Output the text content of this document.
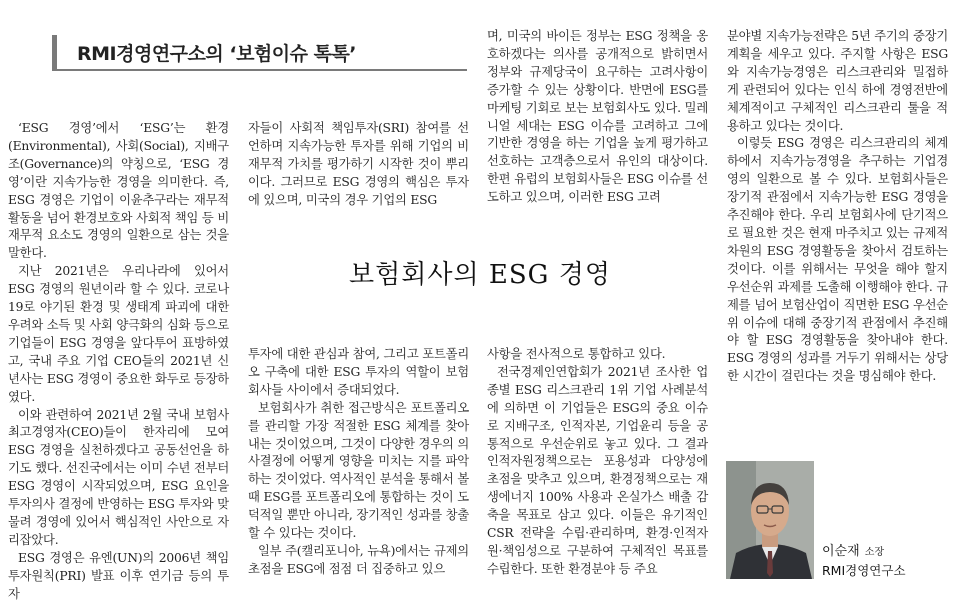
RMI경영연구소의 ‘보험이슈 톡톡’

‘ESG 경영’에서 ‘ESG’는 환경(Environmental), 사회(Social), 지배구조(Governance)의 약칭으로, ‘ESG 경영’이란 지속가능한 경영을 의미한다. 즉, ESG 경영은 기업이 이윤추구라는 재무적 활동을 넘어 환경보호와 사회적 책임 등 비재무적 요소도 경영의 일환으로 삼는 것을 말한다.

지난 2021년은 우리나라에 있어서 ESG 경영의 원년이라 할 수 있다. 코로나19로 야기된 환경 및 생태계 파괴에 대한 우려와 소득 및 사회 양극화의 심화 등으로 기업들이 ESG 경영을 앞다투어 표방하였고, 국내 주요 기업 CEO들의 2021년 신년사는 ESG 경영이 중요한 화두로 등장하였다.

이와 관련하여 2021년 2월 국내 보험사 최고경영자(CEO)들이 한자리에 모여 ESG 경영을 실천하겠다고 공동선언을 하기도 했다. 선진국에서는 이미 수년 전부터 ESG 경영이 시작되었으며, ESG 요인을 투자의사 결정에 반영하는 ESG 투자와 맞물려 경영에 있어서 핵심적인 사안으로 자리잡았다.

ESG 경영은 유엔(UN)의 2006년 책임투자원칙(PRI) 발표 이후 연기금 등의 투자

자들이 사회적 책임투자(SRI) 참여를 선언하며 지속가능한 투자를 위해 기업의 비재무적 가치를 평가하기 시작한 것이 뿌리이다. 그러므로 ESG 경영의 핵심은 투자에 있으며, 미국의 경우 기업의 ESG

며, 미국의 바이든 정부는 ESG 정책을 옹호하겠다는 의사를 공개적으로 밝히면서 정부와 규제당국이 요구하는 고려사항이 증가할 수 있는 상황이다. 반면에 ESG를 마케팅 기회로 보는 보험회사도 있다. 밀레니얼 세대는 ESG 이슈를 고려하고 그에 기반한 경영을 하는 기업을 높게 평가하고 선호하는 고객층으로서 유인의 대상이다. 한편 유럽의 보험회사들은 ESG 이슈를 선도하고 있으며, 이러한 ESG 고려

보험회사의 ESG 경영

투자에 대한 관심과 참여, 그리고 포트폴리오 구축에 대한 ESG 투자의 역할이 보험회사들 사이에서 증대되었다.

보험회사가 취한 접근방식은 포트폴리오를 관리할 가장 적절한 ESG 체계를 찾아내는 것이었으며, 그것이 다양한 경우의 의사결정에 어떻게 영향을 미치는 지를 파악하는 것이었다. 역사적인 분석을 통해서 볼 때 ESG를 포트폴리오에 통합하는 것이 도덕적일 뿐만 아니라, 장기적인 성과를 창출할 수 있다는 것이다.

일부 주(캘리포니아, 뉴욕)에서는 규제의 초점을 ESG에 점점 더 집중하고 있으

사항을 전사적으로 통합하고 있다.

전국경제인연합회가 2021년 조사한 업종별 ESG 리스크관리 1위 기업 사례분석에 의하면 이 기업들은 ESG의 중요 이슈로 지배구조, 인적자본, 기업윤리 등을 공통적으로 우선순위로 놓고 있다. 그 결과 인적자원정책으로는 포용성과 다양성에 초점을 맞추고 있으며, 환경정책으로는 재생에너지 100% 사용과 온실가스 배출 감축을 목표로 삼고 있다. 이들은 유기적인 CSR 전략을 수립·관리하며, 환경·인적자원·책임성으로 구분하여 구체적인 목표를 수립한다. 또한 환경분야 등 주요

분야별 지속가능전략은 5년 주기의 중장기 계획을 세우고 있다. 주지할 사항은 ESG와 지속가능경영은 리스크관리와 밀접하게 관련되어 있다는 인식 하에 경영전반에 체계적이고 구체적인 리스크관리 툴을 적용하고 있다는 것이다.

이렇듯 ESG 경영은 리스크관리의 체계하에서 지속가능경영을 추구하는 기업경영의 일환으로 볼 수 있다. 보험회사들은 장기적 관점에서 지속가능한 ESG 경영을 추진해야 한다. 우리 보험회사에 단기적으로 필요한 것은 현재 마주치고 있는 규제적 차원의 ESG 경영활동을 찾아서 검토하는 것이다. 이를 위해서는 무엇을 해야 할지 우선순위 과제를 도출해 이행해야 한다. 규제를 넘어 보험산업이 직면한 ESG 우선순위 이슈에 대해 중장기적 관점에서 추진해야 할 ESG 경영활동을 찾아내야 한다. ESG 경영의 성과를 거두기 위해서는 상당한 시간이 걸린다는 것을 명심해야 한다.

이순재 소장
RMI경영연구소
